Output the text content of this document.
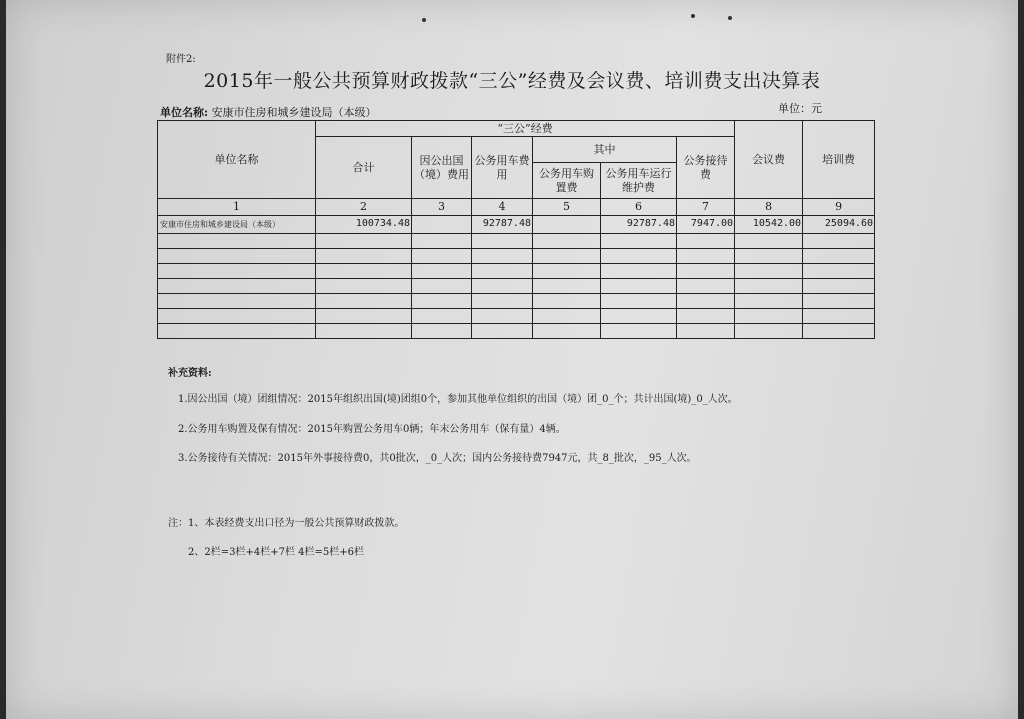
附件2:
2015年一般公共预算财政拨款“三公”经费及会议费、培训费支出决算表
单位名称: 安康市住房和城乡建设局（本级）	单位：元
单位名称	“三公”经费						会议费	培训费
	合计	因公出国（境）费用	公务用车费用	其中		公务接待费		
				公务用车购置费	公务用车运行维护费			
1	2	3	4	5	6	7	8	9
安康市住房和城乡建设局（本级）	100734.48		92787.48		92787.48	7947.00	10542.00	25094.60

补充资料:
1.因公出国（境）团组情况：2015年组织出国(境)团组0个，参加其他单位组织的出国（境）团_0_个；共计出国(境)_0_人次。
2.公务用车购置及保有情况：2015年购置公务用车0辆；年末公务用车（保有量）4辆。
3.公务接待有关情况：2015年外事接待费0，共0批次，_0_人次；国内公务接待费7947元，共_8_批次，_95_人次。
注：1、本表经费支出口径为一般公共预算财政拨款。
2、2栏=3栏+4栏+7栏 4栏=5栏+6栏
